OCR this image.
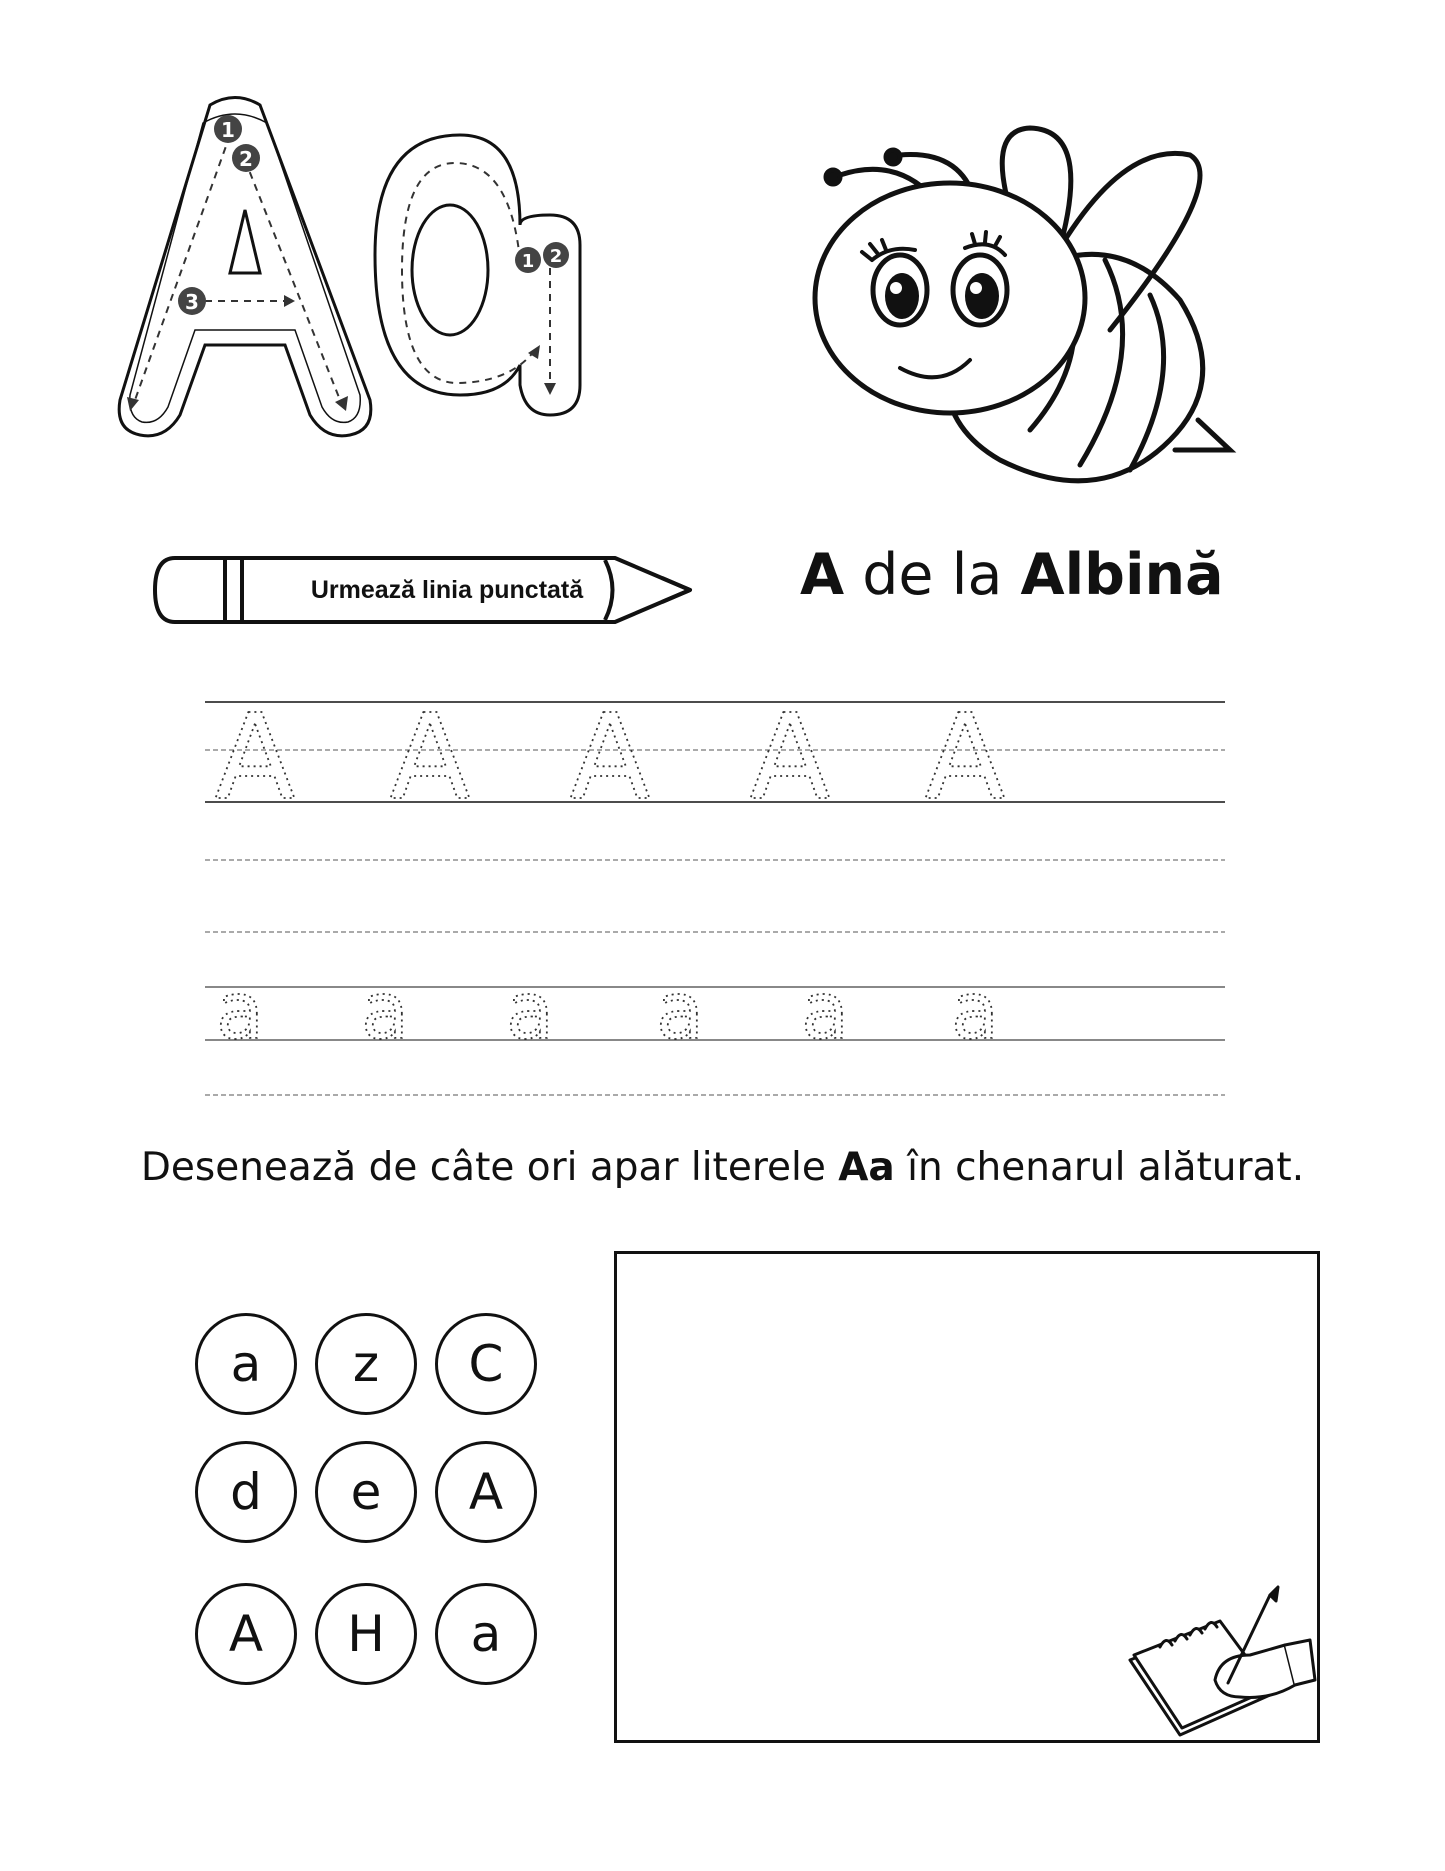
1
2
3
1 2
Urmează linia punctată	A de la Albină
A A A A A
a a a a a a
Desenează de câte ori apar literele Aa în chenarul alăturat.
a z C
d e A
A H a
